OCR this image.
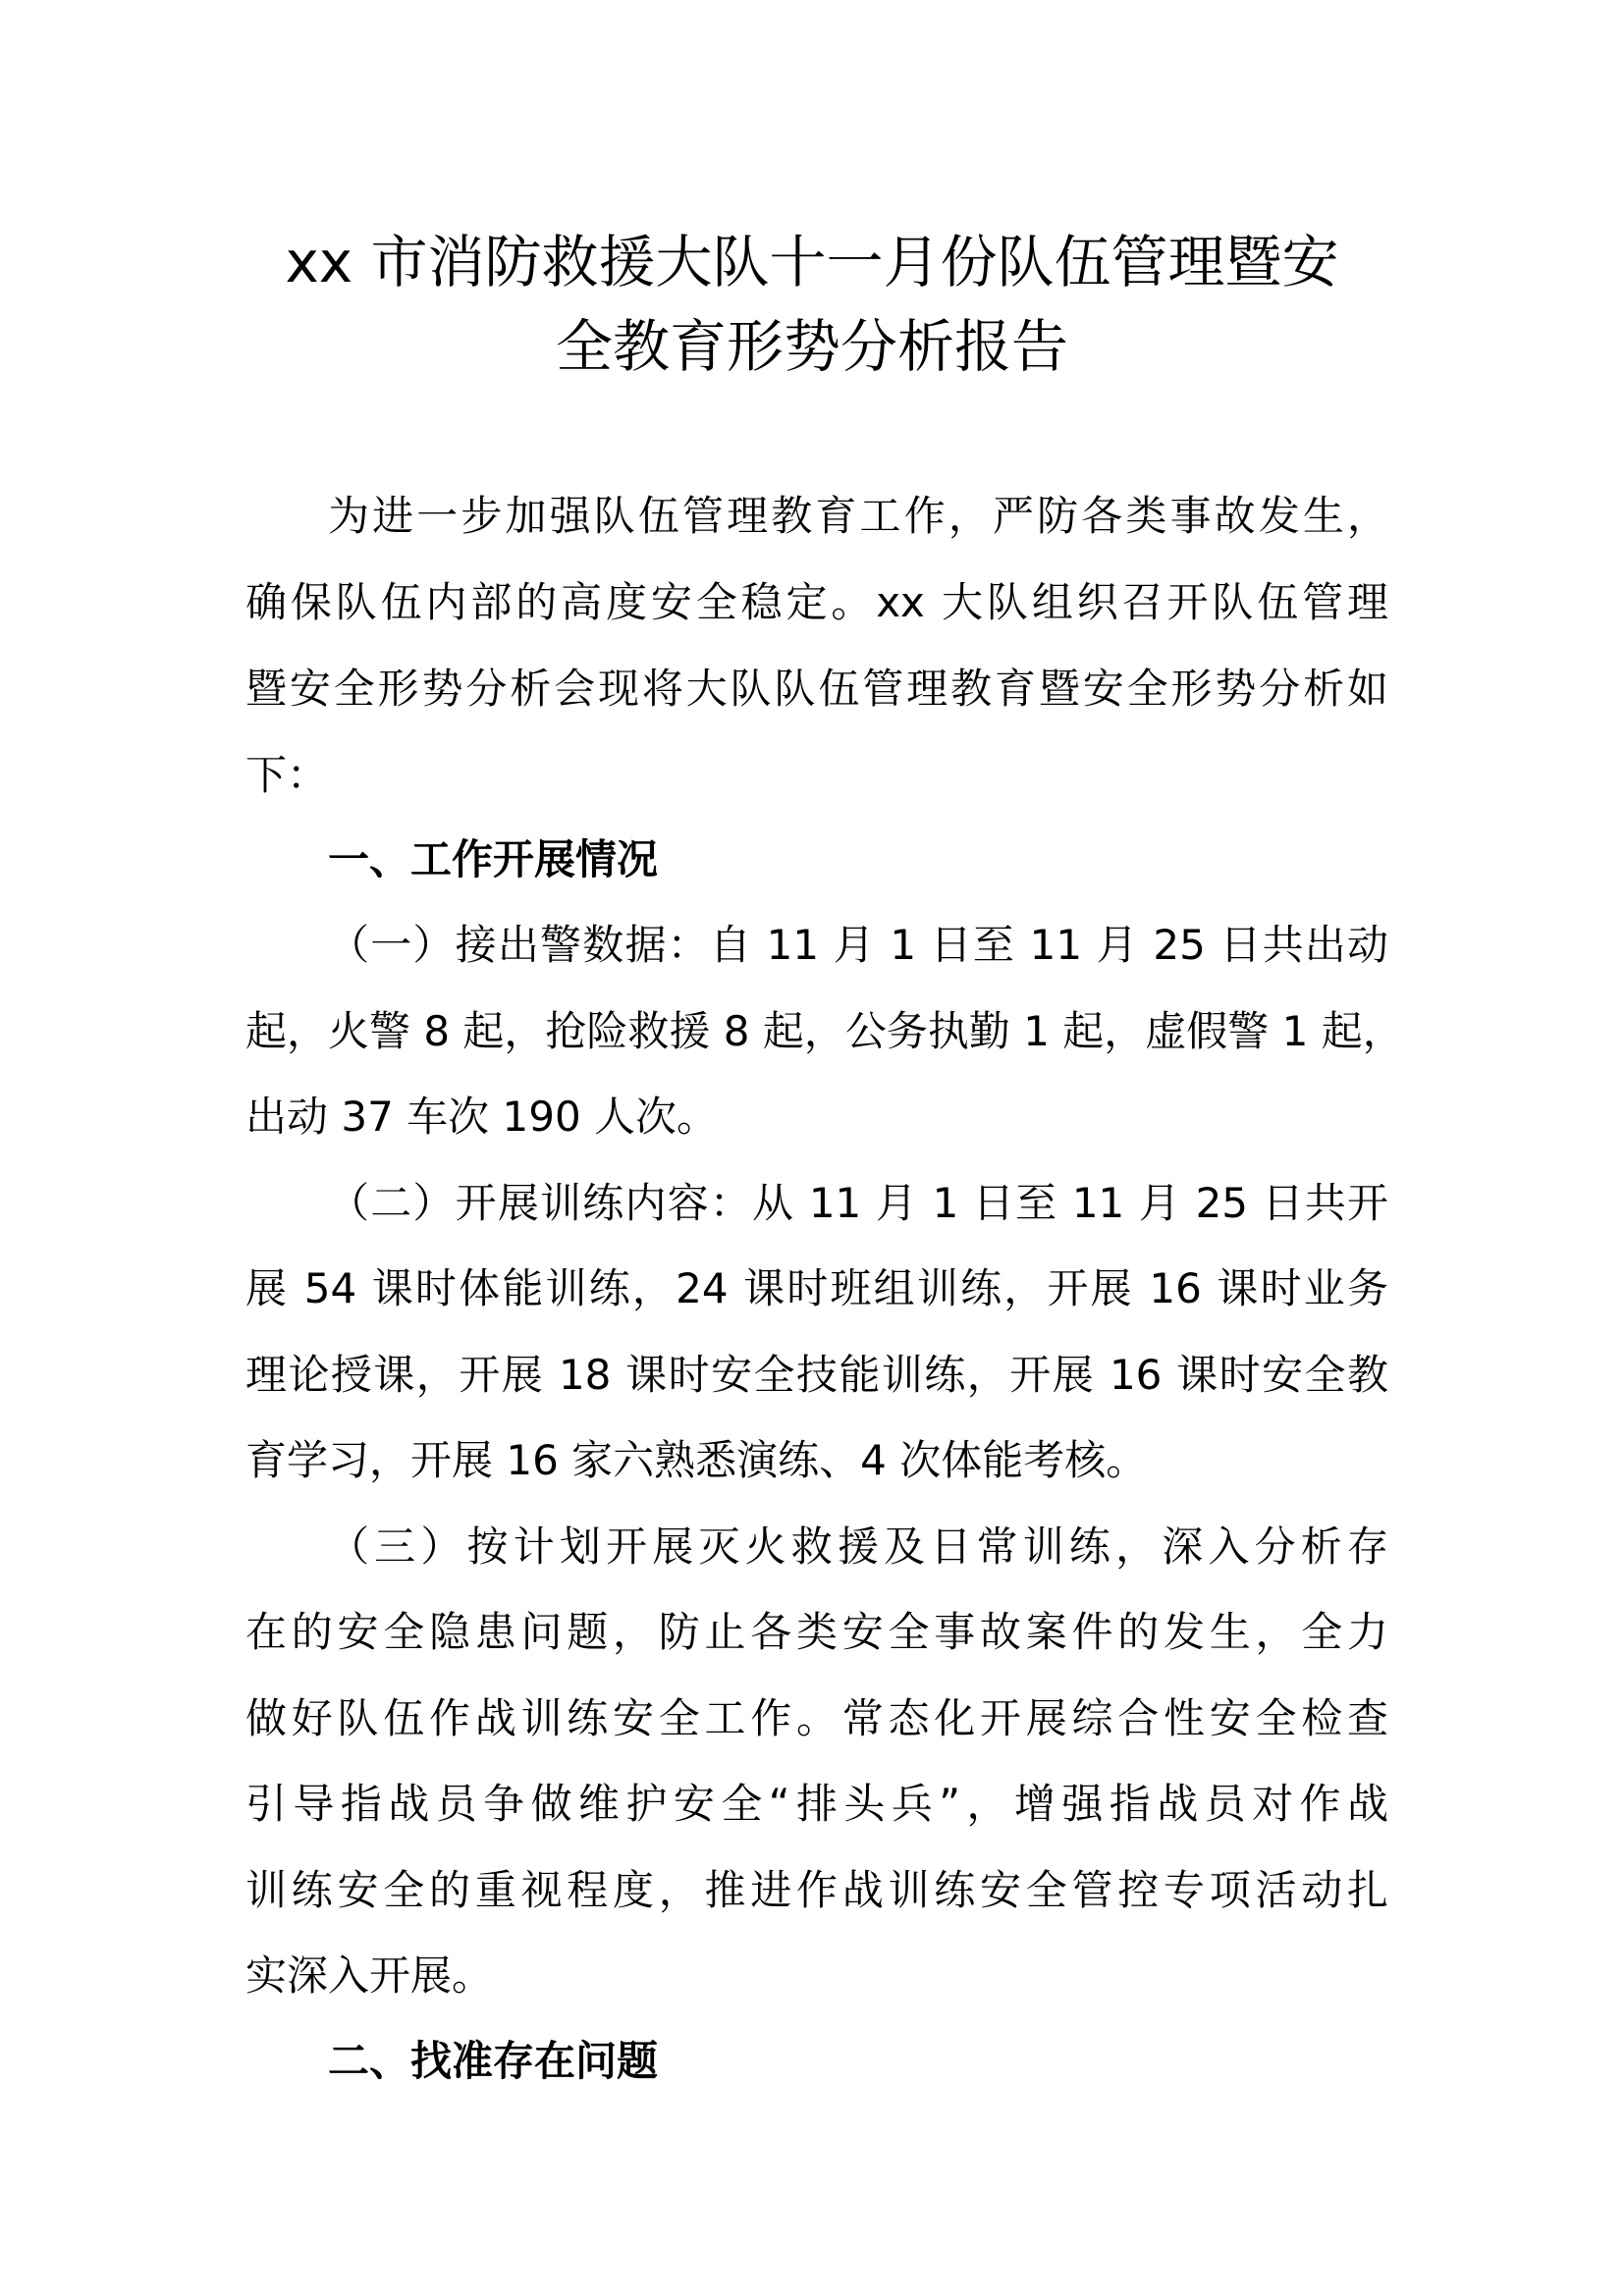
xx 市消防救援大队十一月份队伍管理暨安
全教育形势分析报告
为进一步加强队伍管理教育工作，严防各类事故发生，
确保队伍内部的高度安全稳定。xx 大队组织召开队伍管理
暨安全形势分析会现将大队队伍管理教育暨安全形势分析如
下：
一、工作开展情况
（一）接出警数据：自 11 月 1 日至 11 月 25 日共出动
起，火警 8 起，抢险救援 8 起，公务执勤 1 起，虚假警 1 起，
出动 37 车次 190 人次。
（二）开展训练内容：从 11 月 1 日至 11 月 25 日共开
展 54 课时体能训练，24 课时班组训练，开展 16 课时业务
理论授课，开展 18 课时安全技能训练，开展 16 课时安全教
育学习，开展 16 家六熟悉演练、4 次体能考核。
（三）按计划开展灭火救援及日常训练，深入分析存
在的安全隐患问题，防止各类安全事故案件的发生，全力
做好队伍作战训练安全工作。常态化开展综合性安全检查
引导指战员争做维护安全“排头兵”，增强指战员对作战
训练安全的重视程度，推进作战训练安全管控专项活动扎
实深入开展。
二、找准存在问题
